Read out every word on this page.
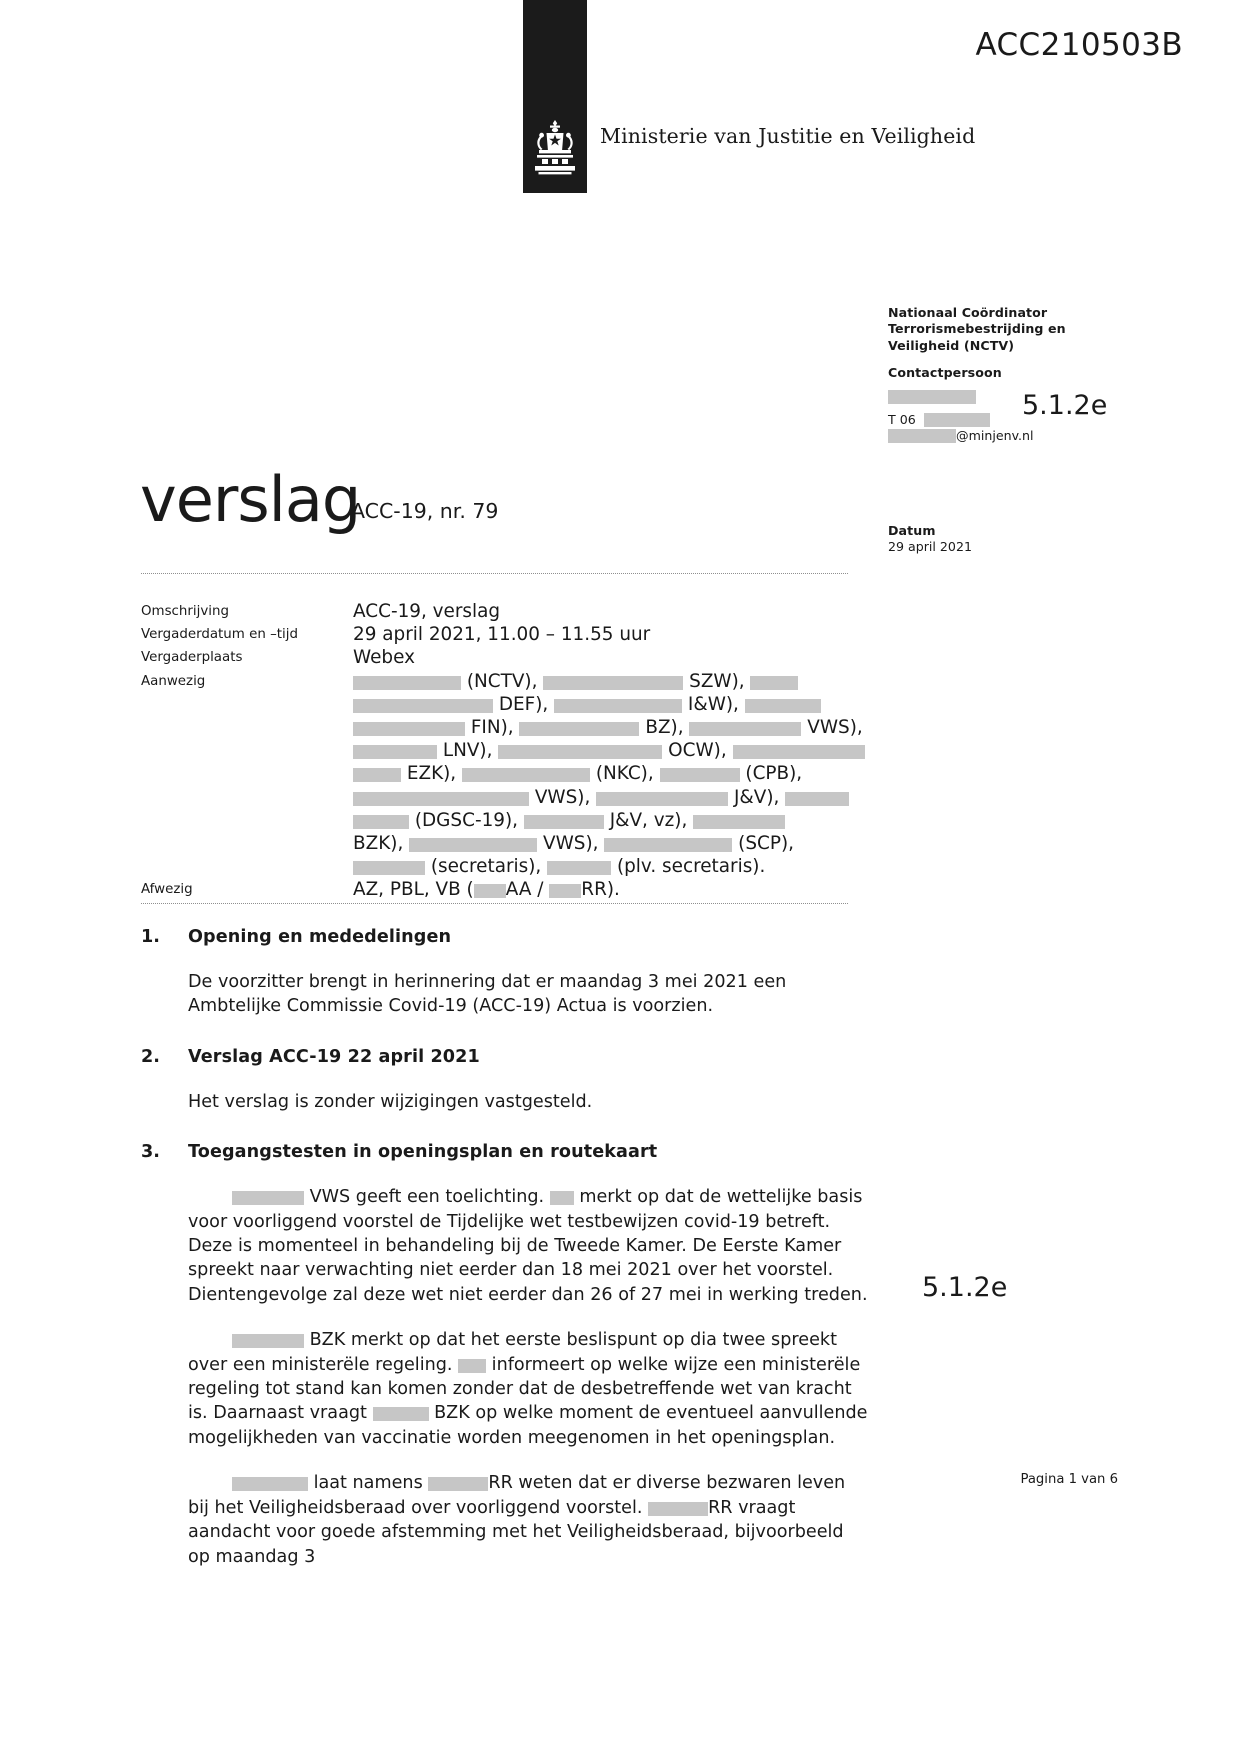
Ministerie van Justitie en Veiligheid
ACC210503B
Nationaal Coördinator
Terrorismebestrijding en
Veiligheid (NCTV)
Contactpersoon
T 06
@minjenv.nl
Datum
29 april 2021
5.1.2e
5.1.2e
verslag
ACC-19, nr. 79
Omschrijving	ACC-19, verslag
Vergaderdatum en –tijd	29 april 2021, 11.00 – 11.55 uur
Vergaderplaats	Webex
Aanwezig	(NCTV),	SZW),
DEF),	I&W),
FIN),	BZ),	VWS),
LNV),	OCW),
EZK),	(NKC),	(CPB),
VWS),	J&V),
(DGSC-19),	J&V, vz),
BZK),	VWS),	(SCP),
(secretaris),	(plv. secretaris).
Afwezig	AZ, PBL, VB ( AA / RR).
1.	Opening en mededelingen
De voorzitter brengt in herinnering dat er maandag 3 mei 2021 een Ambtelijke Commissie Covid-19 (ACC-19) Actua is voorzien.
2.	Verslag ACC-19 22 april 2021
Het verslag is zonder wijzigingen vastgesteld.
3.	Toegangstesten in openingsplan en routekaart
VWS geeft een toelichting.  merkt op dat de wettelijke basis voor voorliggend voorstel de Tijdelijke wet testbewijzen covid-19 betreft. Deze is momenteel in behandeling bij de Tweede Kamer. De Eerste Kamer spreekt naar verwachting niet eerder dan 18 mei 2021 over het voorstel. Dientengevolge zal deze wet niet eerder dan 26 of 27 mei in werking treden.
BZK merkt op dat het eerste beslispunt op dia twee spreekt over een ministerële regeling.  informeert op welke wijze een ministerële regeling tot stand kan komen zonder dat de desbetreffende wet van kracht is. Daarnaast vraagt	BZK op welke moment de eventueel aanvullende mogelijkheden van vaccinatie worden meegenomen in het openingsplan.
laat namens	RR weten dat er diverse bezwaren leven bij het Veiligheidsberaad over voorliggend voorstel.	RR vraagt aandacht voor goede afstemming met het Veiligheidsberaad, bijvoorbeeld op maandag 3
Pagina 1 van 6
